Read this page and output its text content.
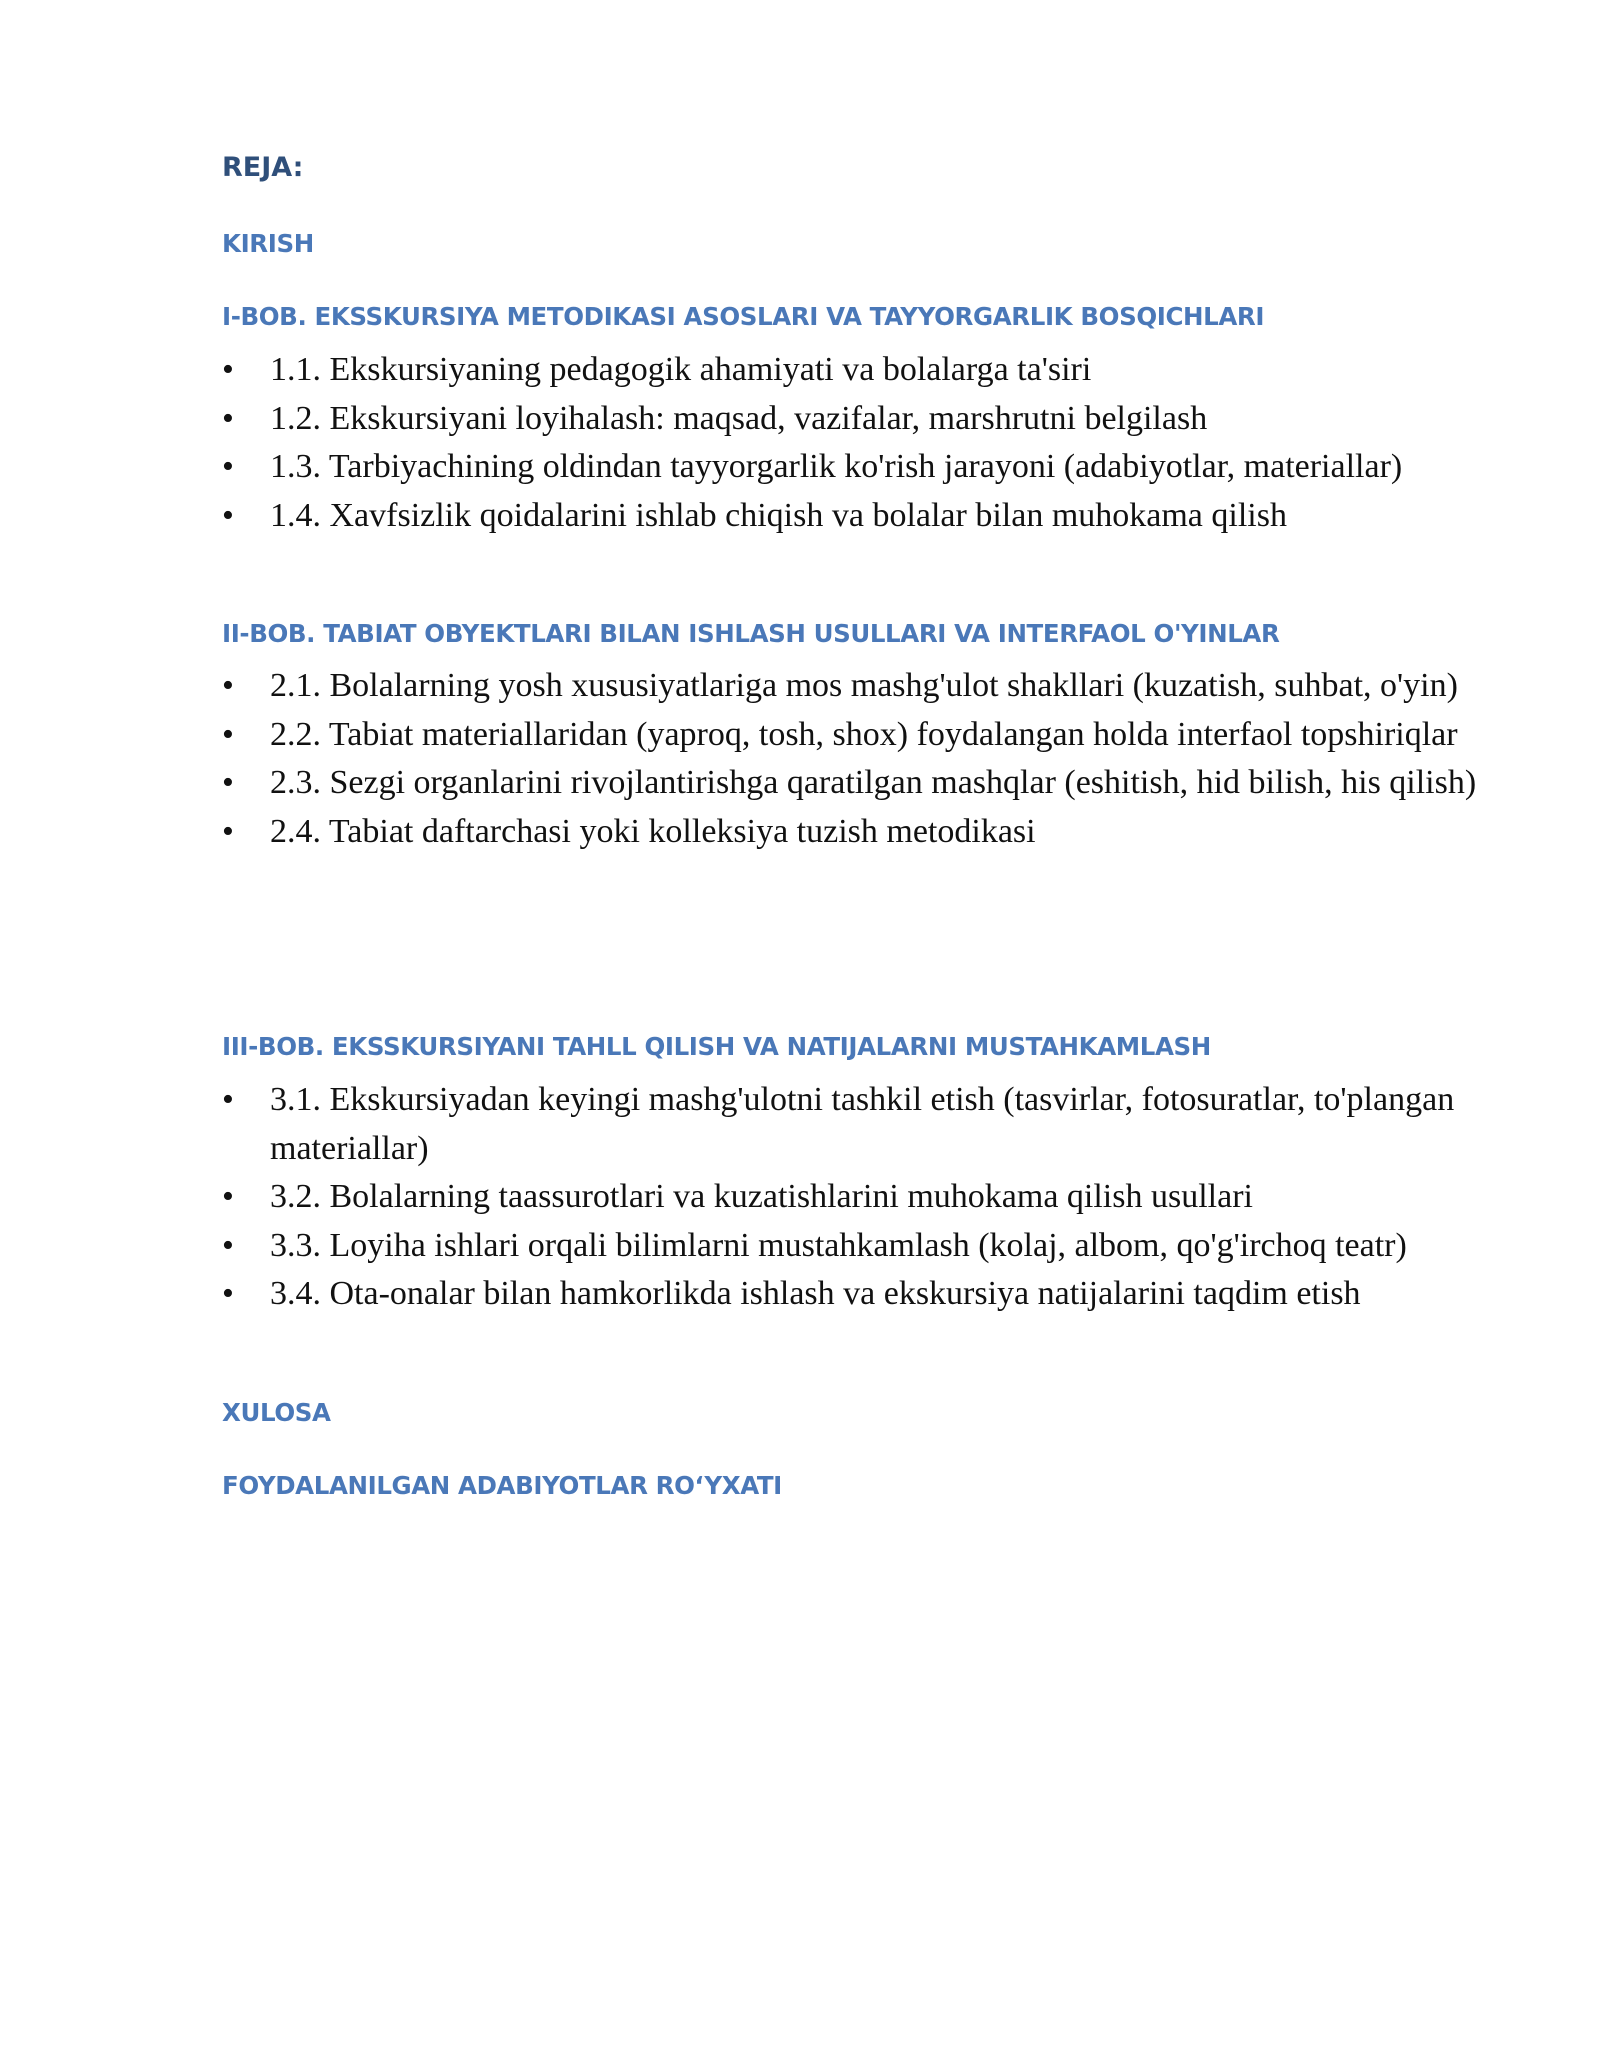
REJA:
KIRISH
I-BOB. EKSSKURSIYA METODIKASI ASOSLARI VA TAYYORGARLIK BOSQICHLARI
• 1.1. Ekskursiyaning pedagogik ahamiyati va bolalarga ta'siri
• 1.2. Ekskursiyani loyihalash: maqsad, vazifalar, marshrutni belgilash
• 1.3. Tarbiyachining oldindan tayyorgarlik ko'rish jarayoni (adabiyotlar, materiallar)
• 1.4. Xavfsizlik qoidalarini ishlab chiqish va bolalar bilan muhokama qilish
II-BOB. TABIAT OBYEKTLARI BILAN ISHLASH USULLARI VA INTERFAOL O'YINLAR
• 2.1. Bolalarning yosh xususiyatlariga mos mashg'ulot shakllari (kuzatish, suhbat, o'yin)
• 2.2. Tabiat materiallaridan (yaproq, tosh, shox) foydalangan holda interfaol topshiriqlar
• 2.3. Sezgi organlarini rivojlantirishga qaratilgan mashqlar (eshitish, hid bilish, his qilish)
• 2.4. Tabiat daftarchasi yoki kolleksiya tuzish metodikasi
III-BOB. EKSSKURSIYANI TAHLL QILISH VA NATIJALARNI MUSTAHKAMLASH
• 3.1. Ekskursiyadan keyingi mashg'ulotni tashkil etish (tasvirlar, fotosuratlar, to'plangan materiallar)
• 3.2. Bolalarning taassurotlari va kuzatishlarini muhokama qilish usullari
• 3.3. Loyiha ishlari orqali bilimlarni mustahkamlash (kolaj, albom, qo'g'irchoq teatr)
• 3.4. Ota-onalar bilan hamkorlikda ishlash va ekskursiya natijalarini taqdim etish
XULOSA
FOYDALANILGAN ADABIYOTLAR RO‘YXATI
